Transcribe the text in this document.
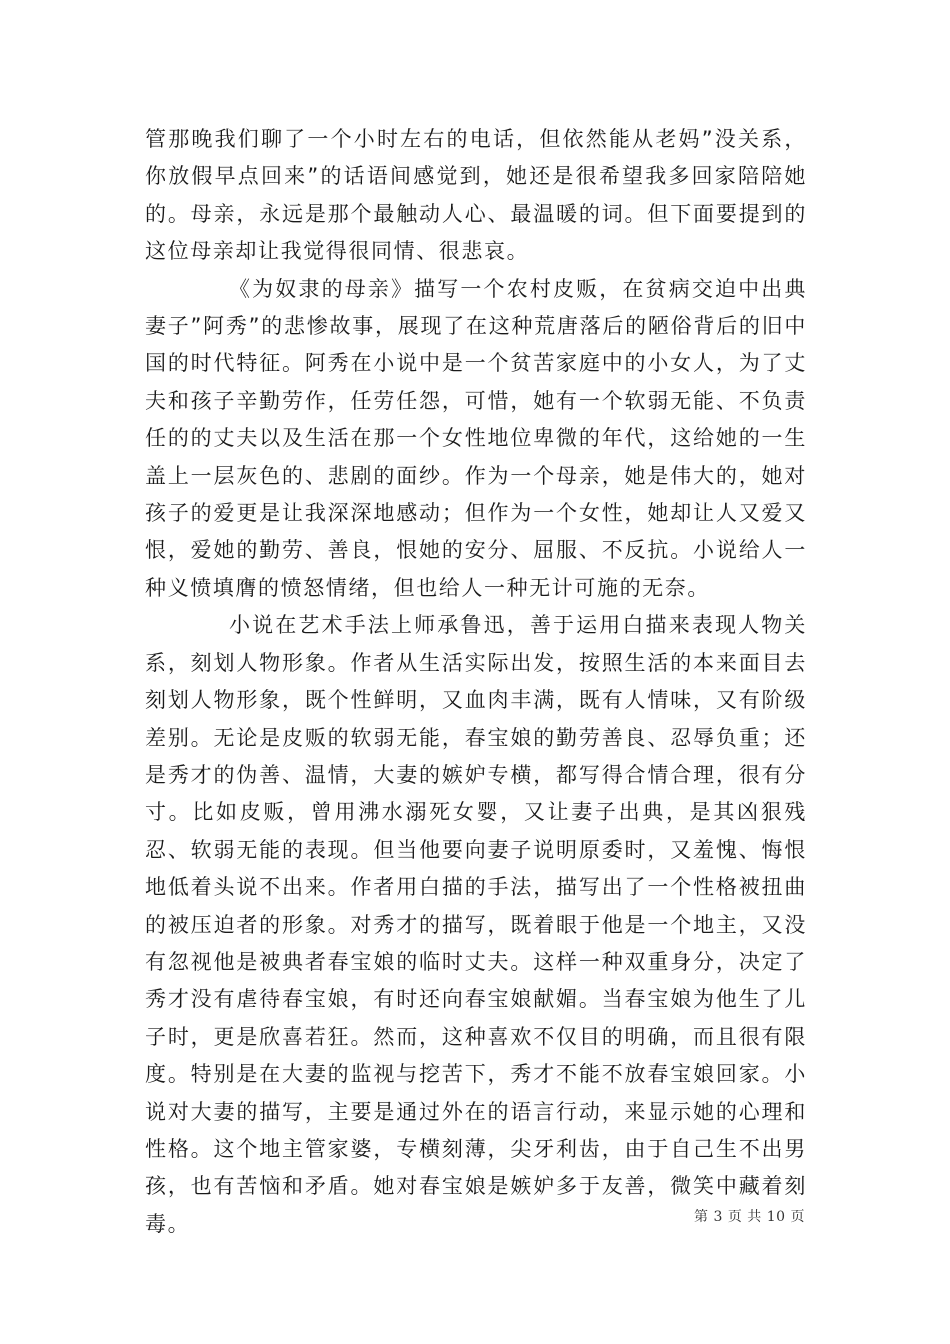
管那晚我们聊了一个小时左右的电话，但依然能从老妈”没关系，你放假早点回来”的话语间感觉到，她还是很希望我多回家陪陪她的。母亲，永远是那个最触动人心、最温暖的词。但下面要提到的这位母亲却让我觉得很同情、很悲哀。

《为奴隶的母亲》描写一个农村皮贩，在贫病交迫中出典妻子”阿秀”的悲惨故事，展现了在这种荒唐落后的陋俗背后的旧中国的时代特征。阿秀在小说中是一个贫苦家庭中的小女人，为了丈夫和孩子辛勤劳作，任劳任怨，可惜，她有一个软弱无能、不负责任的的丈夫以及生活在那一个女性地位卑微的年代，这给她的一生盖上一层灰色的、悲剧的面纱。作为一个母亲，她是伟大的，她对孩子的爱更是让我深深地感动；但作为一个女性，她却让人又爱又恨，爱她的勤劳、善良，恨她的安分、屈服、不反抗。小说给人一种义愤填膺的愤怒情绪，但也给人一种无计可施的无奈。

小说在艺术手法上师承鲁迅，善于运用白描来表现人物关系，刻划人物形象。作者从生活实际出发，按照生活的本来面目去刻划人物形象，既个性鲜明，又血肉丰满，既有人情味，又有阶级差别。无论是皮贩的软弱无能，春宝娘的勤劳善良、忍辱负重；还是秀才的伪善、温情，大妻的嫉妒专横，都写得合情合理，很有分寸。比如皮贩，曾用沸水溺死女婴，又让妻子出典，是其凶狠残忍、软弱无能的表现。但当他要向妻子说明原委时，又羞愧、悔恨地低着头说不出来。作者用白描的手法，描写出了一个性格被扭曲的被压迫者的形象。对秀才的描写，既着眼于他是一个地主，又没有忽视他是被典者春宝娘的临时丈夫。这样一种双重身分，决定了秀才没有虐待春宝娘，有时还向春宝娘献媚。当春宝娘为他生了儿子时，更是欣喜若狂。然而，这种喜欢不仅目的明确，而且很有限度。特别是在大妻的监视与挖苦下，秀才不能不放春宝娘回家。小说对大妻的描写，主要是通过外在的语言行动，来显示她的心理和性格。这个地主管家婆，专横刻薄，尖牙利齿，由于自己生不出男孩，也有苦恼和矛盾。她对春宝娘是嫉妒多于友善，微笑中藏着刻毒。	第 3 页 共 10 页
